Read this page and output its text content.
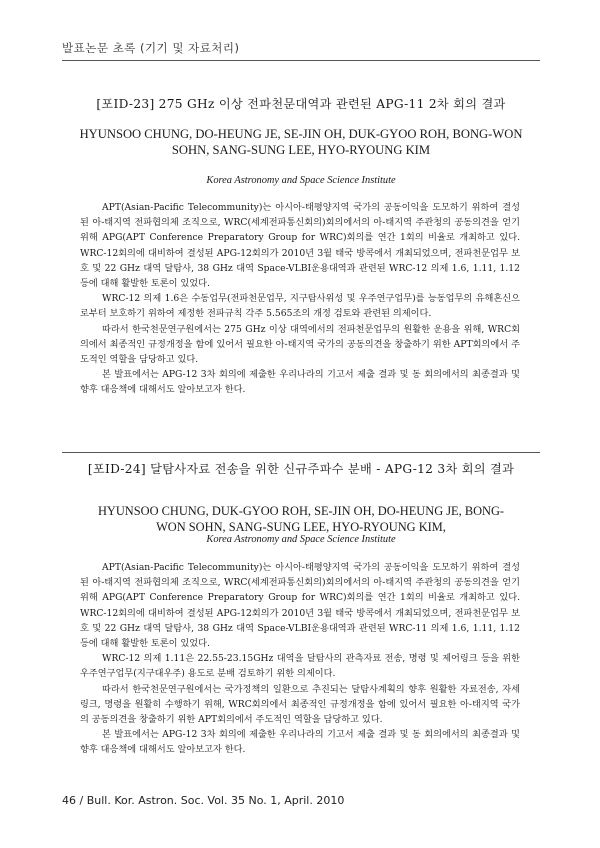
발표논문 초록 (기기 및 자료처리)
[포ID-23] 275 GHz 이상 전파천문대역과 관련된 APG-11 2차 회의 결과
HYUNSOO CHUNG, DO-HEUNG JE, SE-JIN OH, DUK-GYOO ROH, BONG-WON SOHN, SANG-SUNG LEE, HYO-RYOUNG KIM
Korea Astronomy and Space Science Institute

APT(Asian-Pacific Telecommunity)는 아시아-태평양지역 국가의 공동이익을 도모하기 위하여 결성된 아-태지역 전파협의체 조직으로, WRC(세계전파통신회의)회의에서의 아-태지역 주관청의 공동의견을 얻기 위해 APG(APT Conference Preparatory Group for WRC)회의를 연간 1회의 비율로 개최하고 있다. WRC-12회의에 대비하여 결성된 APG-12회의가 2010년 3월 태국 방콕에서 개최되었으며, 전파천문업무 보호 및 22 GHz 대역 달탐사, 38 GHz 대역 Space-VLBI운용대역과 관련된 WRC-12 의제 1.6, 1.11, 1.12 등에 대해 활발한 토론이 있었다.

WRC-12 의제 1.6은 수동업무(전파천문업무, 지구탐사위성 및 우주연구업무)를 능동업무의 유해혼신으로부터 보호하기 위하여 제정한 전파규칙 각주 5.565조의 개정 검토와 관련된 의제이다.

따라서 한국천문연구원에서는 275 GHz 이상 대역에서의 전파천문업무의 원활한 운용을 위해, WRC회의에서 최종적인 규정개정을 함에 있어서 필요한 아-태지역 국가의 공동의견을 창출하기 위한 APT회의에서 주도적인 역할을 담당하고 있다.

본 발표에서는 APG-12 3차 회의에 제출한 우리나라의 기고서 제출 결과 및 동 회의에서의 최종결과 및 향후 대응책에 대해서도 알아보고자 한다.

[포ID-24] 달탐사자료 전송을 위한 신규주파수 분배 - APG-12 3차 회의 결과
HYUNSOO CHUNG, DUK-GYOO ROH, SE-JIN OH, DO-HEUNG JE, BONG-WON SOHN, SANG-SUNG LEE, HYO-RYOUNG KIM,
Korea Astronomy and Space Science Institute

APT(Asian-Pacific Telecommunity)는 아시아-태평양지역 국가의 공동이익을 도모하기 위하여 결성된 아-태지역 전파협의체 조직으로, WRC(세계전파통신회의)회의에서의 아-태지역 주관청의 공동의견을 얻기 위해 APG(APT Conference Preparatory Group for WRC)회의를 연간 1회의 비율로 개최하고 있다. WRC-12회의에 대비하여 결성된 APG-12회의가 2010년 3월 태국 방콕에서 개최되었으며, 전파천문업무 보호 및 22 GHz 대역 달탐사, 38 GHz 대역 Space-VLBI운용대역과 관련된 WRC-11 의제 1.6, 1.11, 1.12 등에 대해 활발한 토론이 있었다.

WRC-12 의제 1.11은 22.55-23.15GHz 대역을 달탐사의 관측자료 전송, 명령 및 제어링크 등을 위한 우주연구업무(지구대우주) 용도로 분배 검토하기 위한 의제이다.

따라서 한국천문연구원에서는 국가정책의 일환으로 추진되는 달탐사계획의 향후 원활한 자료전송, 자세링크, 명령을 원활히 수행하기 위해, WRC회의에서 최종적인 규정개정을 함에 있어서 필요한 아-태지역 국가의 공동의견을 창출하기 위한 APT회의에서 주도적인 역할을 담당하고 있다.

본 발표에서는 APG-12 3차 회의에 제출한 우리나라의 기고서 제출 결과 및 동 회의에서의 최종결과 및 향후 대응책에 대해서도 알아보고자 한다.

46 / Bull. Kor. Astron. Soc. Vol. 35 No. 1, April. 2010
